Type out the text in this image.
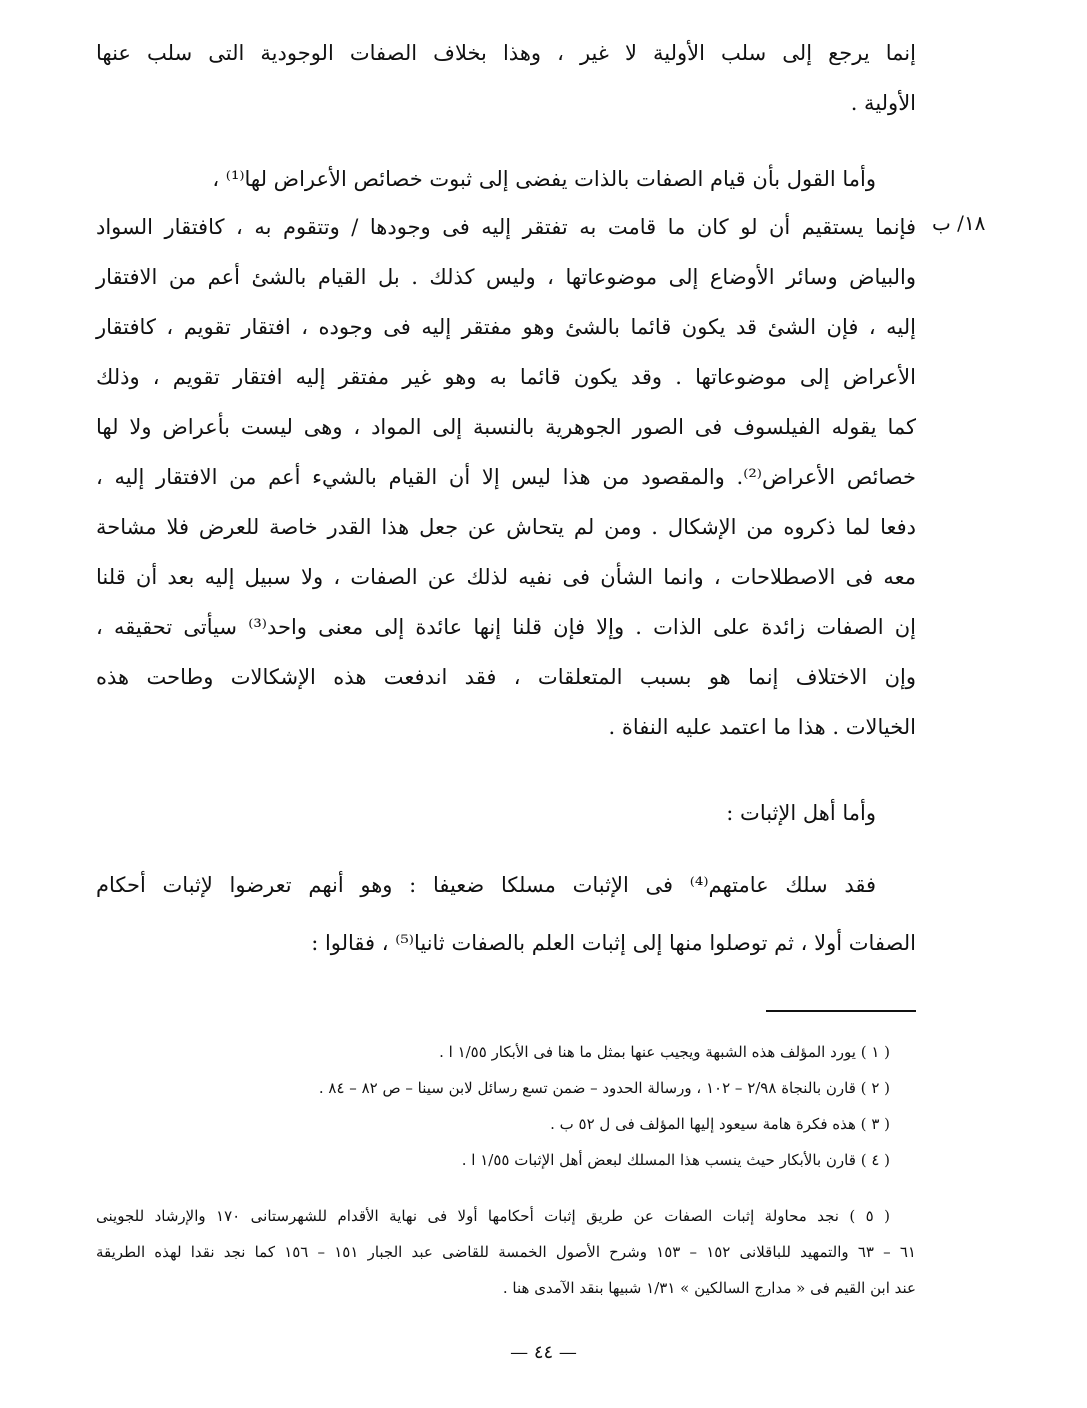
إنما يرجع إلى سلب الأولية لا غير ، وهذا بخلاف الصفات الوجودية التى سلب عنها
الأولية .
وأما القول بأن قيام الصفات بالذات يفضى إلى ثبوت خصائص الأعراض لها⁽¹⁾ ،
فإنما يستقيم أن لو كان ما قامت به تفتقر إليه فى وجودها / وتتقوم به ، كافتقار السواد
والبياض وسائر الأوضاع إلى موضوعاتها ، وليس كذلك . بل القيام بالشئ أعم من الافتقار
إليه ، فإن الشئ قد يكون قائما بالشئ وهو مفتقر إليه فى وجوده ، افتقار تقويم ، كافتقار
الأعراض إلى موضوعاتها . وقد يكون قائما به وهو غير مفتقر إليه افتقار تقويم ، وذلك
كما يقوله الفيلسوف فى الصور الجوهرية بالنسبة إلى المواد ، وهى ليست بأعراض ولا لها
خصائص الأعراض⁽²⁾. والمقصود من هذا ليس إلا أن القيام بالشيء أعم من الافتقار إليه ،
دفعا لما ذكروه من الإشكال . ومن لم يتحاش عن جعل هذا القدر خاصة للعرض فلا مشاحة
معه فى الاصطلاحات ، وانما الشأن فى نفيه لذلك عن الصفات ، ولا سبيل إليه بعد أن قلنا
إن الصفات زائدة على الذات . وإلا فإن قلنا إنها عائدة إلى معنى واحد⁽³⁾ سيأتى تحقيقه ،
وإن الاختلاف إنما هو بسبب المتعلقات ، فقد اندفعت هذه الإشكالات وطاحت هذه
الخيالات . هذا ما اعتمد عليه النفاة .
وأما أهل الإثبات :
فقد سلك عامتهم⁽⁴⁾ فى الإثبات مسلكا ضعيفا : وهو أنهم تعرضوا لإثبات أحكام
الصفات أولا ، ثم توصلوا منها إلى إثبات العلم بالصفات ثانيا⁽⁵⁾ ، فقالوا :
١٨/ ب
( ١ ) يورد المؤلف هذه الشبهة ويجيب عنها بمثل ما هنا فى الأبكار ١/٥٥ ا .
( ٢ ) قارن بالنجاة ٢/٩٨ – ١٠٢ ، ورسالة الحدود – ضمن تسع رسائل لابن سينا – ص ٨٢ – ٨٤ .
( ٣ ) هذه فكرة هامة سيعود إليها المؤلف فى ل ٥٢ ب .
( ٤ ) قارن بالأبكار حيث ينسب هذا المسلك لبعض أهل الإثبات ١/٥٥ ا .
( ٥ ) نجد محاولة إثبات الصفات عن طريق إثبات أحكامها أولا فى نهاية الأقدام للشهرستانى ١٧٠ والإرشاد للجوينى
٦١ – ٦٣ والتمهيد للباقلانى ١٥٢ – ١٥٣ وشرح الأصول الخمسة للقاضى عبد الجبار ١٥١ – ١٥٦ كما نجد نقدا لهذه الطريقة
عند ابن القيم فى « مدارج السالكين » ١/٣١ شبيها بنقد الآمدى هنا .
— ٤٤ —
